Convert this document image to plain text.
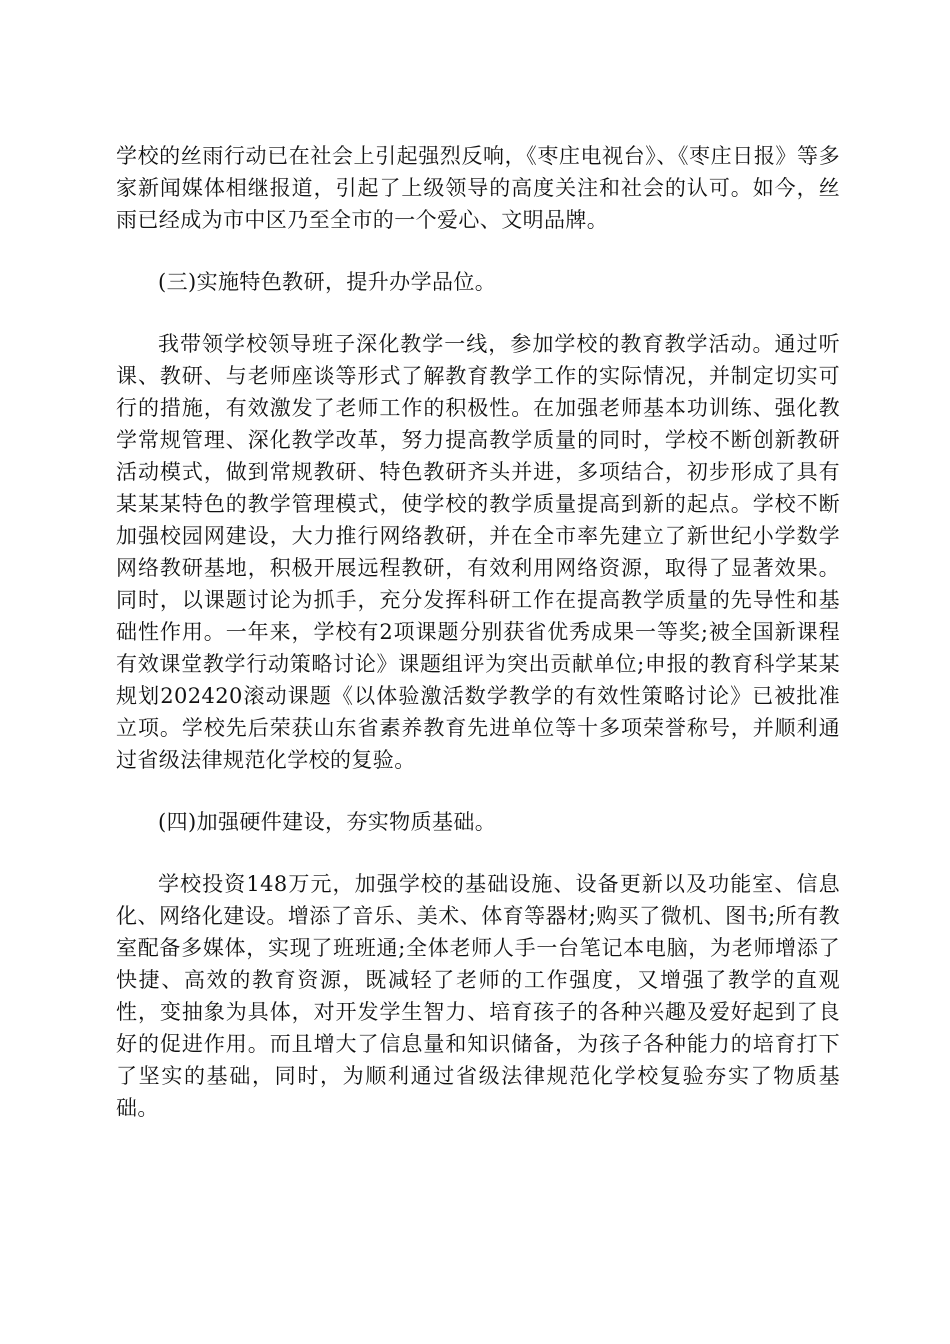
学校的丝雨行动已在社会上引起强烈反响，《枣庄电视台》、《枣庄日报》等多家新闻媒体相继报道，引起了上级领导的高度关注和社会的认可。如今，丝雨已经成为市中区乃至全市的一个爱心、文明品牌。

(三)实施特色教研，提升办学品位。

我带领学校领导班子深化教学一线，参加学校的教育教学活动。通过听课、教研、与老师座谈等形式了解教育教学工作的实际情况，并制定切实可行的措施，有效激发了老师工作的积极性。在加强老师基本功训练、强化教学常规管理、深化教学改革，努力提高教学质量的同时，学校不断创新教研活动模式，做到常规教研、特色教研齐头并进，多项结合，初步形成了具有某某某特色的教学管理模式，使学校的教学质量提高到新的起点。学校不断加强校园网建设，大力推行网络教研，并在全市率先建立了新世纪小学数学网络教研基地，积极开展远程教研，有效利用网络资源，取得了显著效果。同时，以课题讨论为抓手，充分发挥科研工作在提高教学质量的先导性和基础性作用。一年来，学校有2项课题分别获省优秀成果一等奖;被全国新课程有效课堂教学行动策略讨论》课题组评为突出贡献单位;申报的教育科学某某规划202420滚动课题《以体验激活数学教学的有效性策略讨论》已被批准立项。学校先后荣获山东省素养教育先进单位等十多项荣誉称号，并顺利通过省级法律规范化学校的复验。

(四)加强硬件建设，夯实物质基础。

学校投资148万元，加强学校的基础设施、设备更新以及功能室、信息化、网络化建设。增添了音乐、美术、体育等器材;购买了微机、图书;所有教室配备多媒体，实现了班班通;全体老师人手一台笔记本电脑，为老师增添了快捷、高效的教育资源，既减轻了老师的工作强度，又增强了教学的直观性，变抽象为具体，对开发学生智力、培育孩子的各种兴趣及爱好起到了良好的促进作用。而且增大了信息量和知识储备，为孩子各种能力的培育打下了坚实的基础，同时，为顺利通过省级法律规范化学校复验夯实了物质基础。
